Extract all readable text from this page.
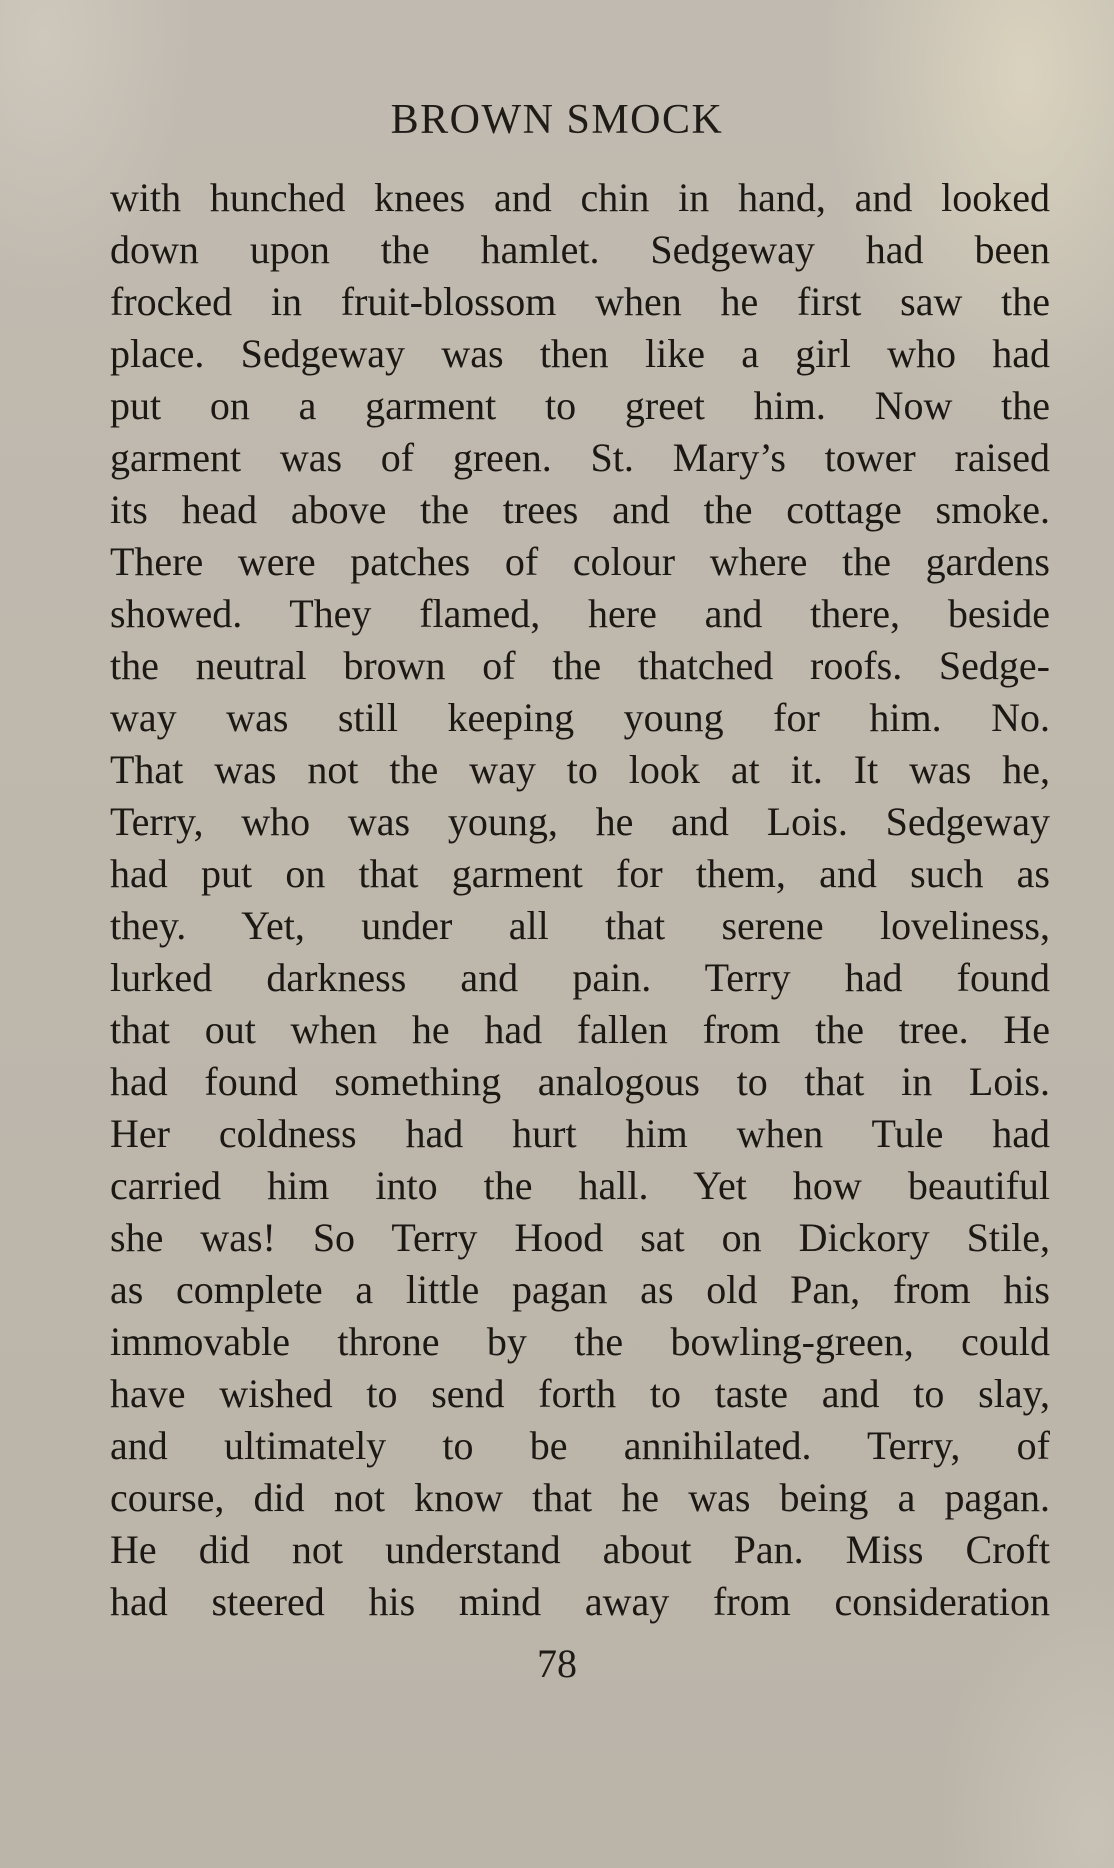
BROWN SMOCK
with hunched knees and chin in hand, and looked
down upon the hamlet. Sedgeway had been
frocked in fruit-blossom when he first saw the
place. Sedgeway was then like a girl who had
put on a garment to greet him. Now the
garment was of green. St. Mary’s tower raised
its head above the trees and the cottage smoke.
There were patches of colour where the gardens
showed. They flamed, here and there, beside
the neutral brown of the thatched roofs. Sedge-
way was still keeping young for him. No.
That was not the way to look at it. It was he,
Terry, who was young, he and Lois. Sedgeway
had put on that garment for them, and such as
they. Yet, under all that serene loveliness,
lurked darkness and pain. Terry had found
that out when he had fallen from the tree. He
had found something analogous to that in Lois.
Her coldness had hurt him when Tule had
carried him into the hall. Yet how beautiful
she was! So Terry Hood sat on Dickory Stile,
as complete a little pagan as old Pan, from his
immovable throne by the bowling-green, could
have wished to send forth to taste and to slay,
and ultimately to be annihilated. Terry, of
course, did not know that he was being a pagan.
He did not understand about Pan. Miss Croft
had steered his mind away from consideration
78
